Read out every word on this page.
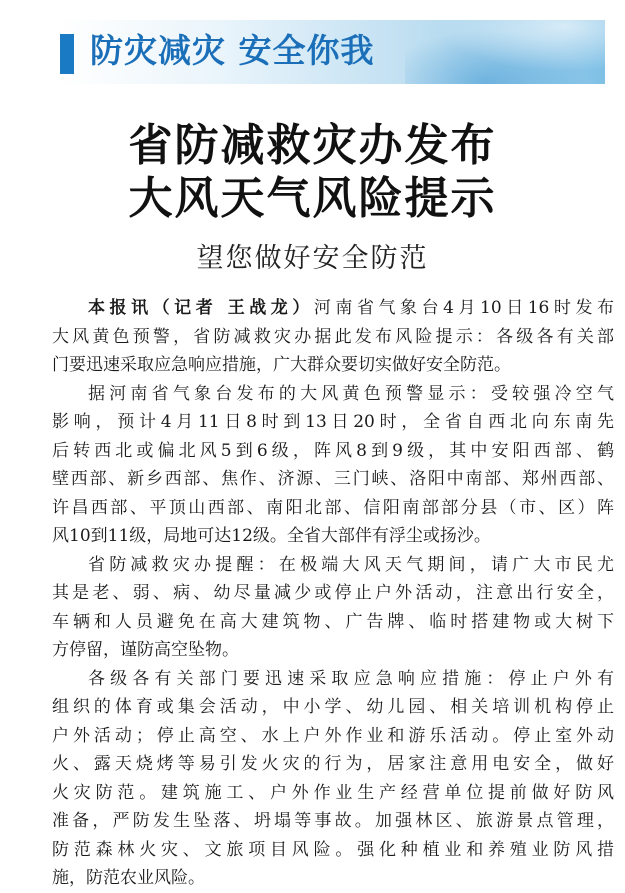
防灾减灾 安全你我
省防减救灾办发布
大风天气风险提示
望您做好安全防范
本报讯（记者 王战龙）河南省气象台4月10日16时发布
大风黄色预警，省防减救灾办据此发布风险提示：各级各有关部
门要迅速采取应急响应措施，广大群众要切实做好安全防范。
据河南省气象台发布的大风黄色预警显示：受较强冷空气
影响，预计4月11日8时到13日20时，全省自西北向东南先
后转西北或偏北风5到6级，阵风8到9级，其中安阳西部、鹤
壁西部、新乡西部、焦作、济源、三门峡、洛阳中南部、郑州西部、
许昌西部、平顶山西部、南阳北部、信阳南部部分县（市、区）阵
风10到11级，局地可达12级。全省大部伴有浮尘或扬沙。
省防减救灾办提醒：在极端大风天气期间，请广大市民尤
其是老、弱、病、幼尽量减少或停止户外活动，注意出行安全，
车辆和人员避免在高大建筑物、广告牌、临时搭建物或大树下
方停留，谨防高空坠物。
各级各有关部门要迅速采取应急响应措施：停止户外有
组织的体育或集会活动，中小学、幼儿园、相关培训机构停止
户外活动；停止高空、水上户外作业和游乐活动。停止室外动
火、露天烧烤等易引发火灾的行为，居家注意用电安全，做好
火灾防范。建筑施工、户外作业生产经营单位提前做好防风
准备，严防发生坠落、坍塌等事故。加强林区、旅游景点管理，
防范森林火灾、文旅项目风险。强化种植业和养殖业防风措
施，防范农业风险。
